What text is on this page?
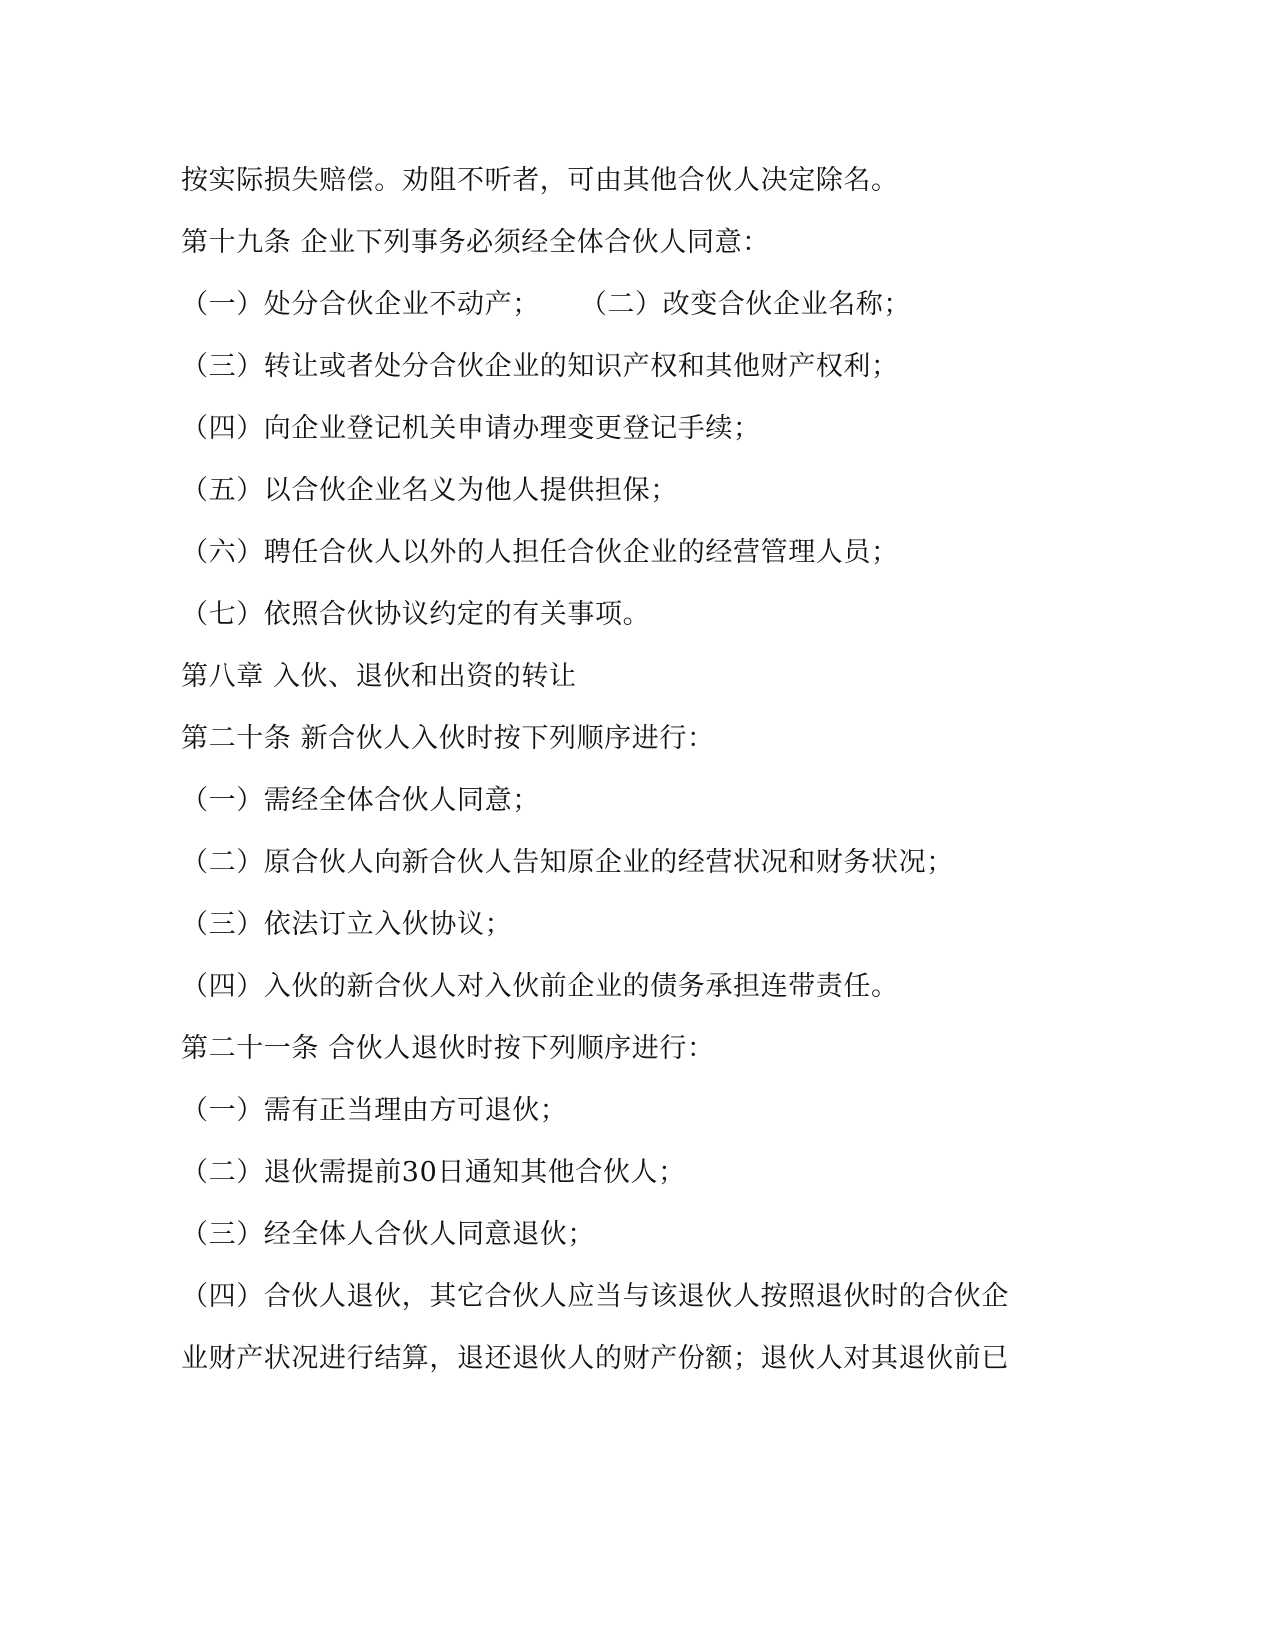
按实际损失赔偿。劝阻不听者，可由其他合伙人决定除名。
第十九条 企业下列事务必须经全体合伙人同意：
（一）处分合伙企业不动产； （二）改变合伙企业名称；
（三）转让或者处分合伙企业的知识产权和其他财产权利；
（四）向企业登记机关申请办理变更登记手续；
（五）以合伙企业名义为他人提供担保；
（六）聘任合伙人以外的人担任合伙企业的经营管理人员；
（七）依照合伙协议约定的有关事项。
第八章 入伙、退伙和出资的转让
第二十条 新合伙人入伙时按下列顺序进行：
（一）需经全体合伙人同意；
（二）原合伙人向新合伙人告知原企业的经营状况和财务状况；
（三）依法订立入伙协议；
（四）入伙的新合伙人对入伙前企业的债务承担连带责任。
第二十一条 合伙人退伙时按下列顺序进行：
（一）需有正当理由方可退伙；
（二）退伙需提前30日通知其他合伙人；
（三）经全体人合伙人同意退伙；
（四）合伙人退伙，其它合伙人应当与该退伙人按照退伙时的合伙企
业财产状况进行结算，退还退伙人的财产份额；退伙人对其退伙前已
